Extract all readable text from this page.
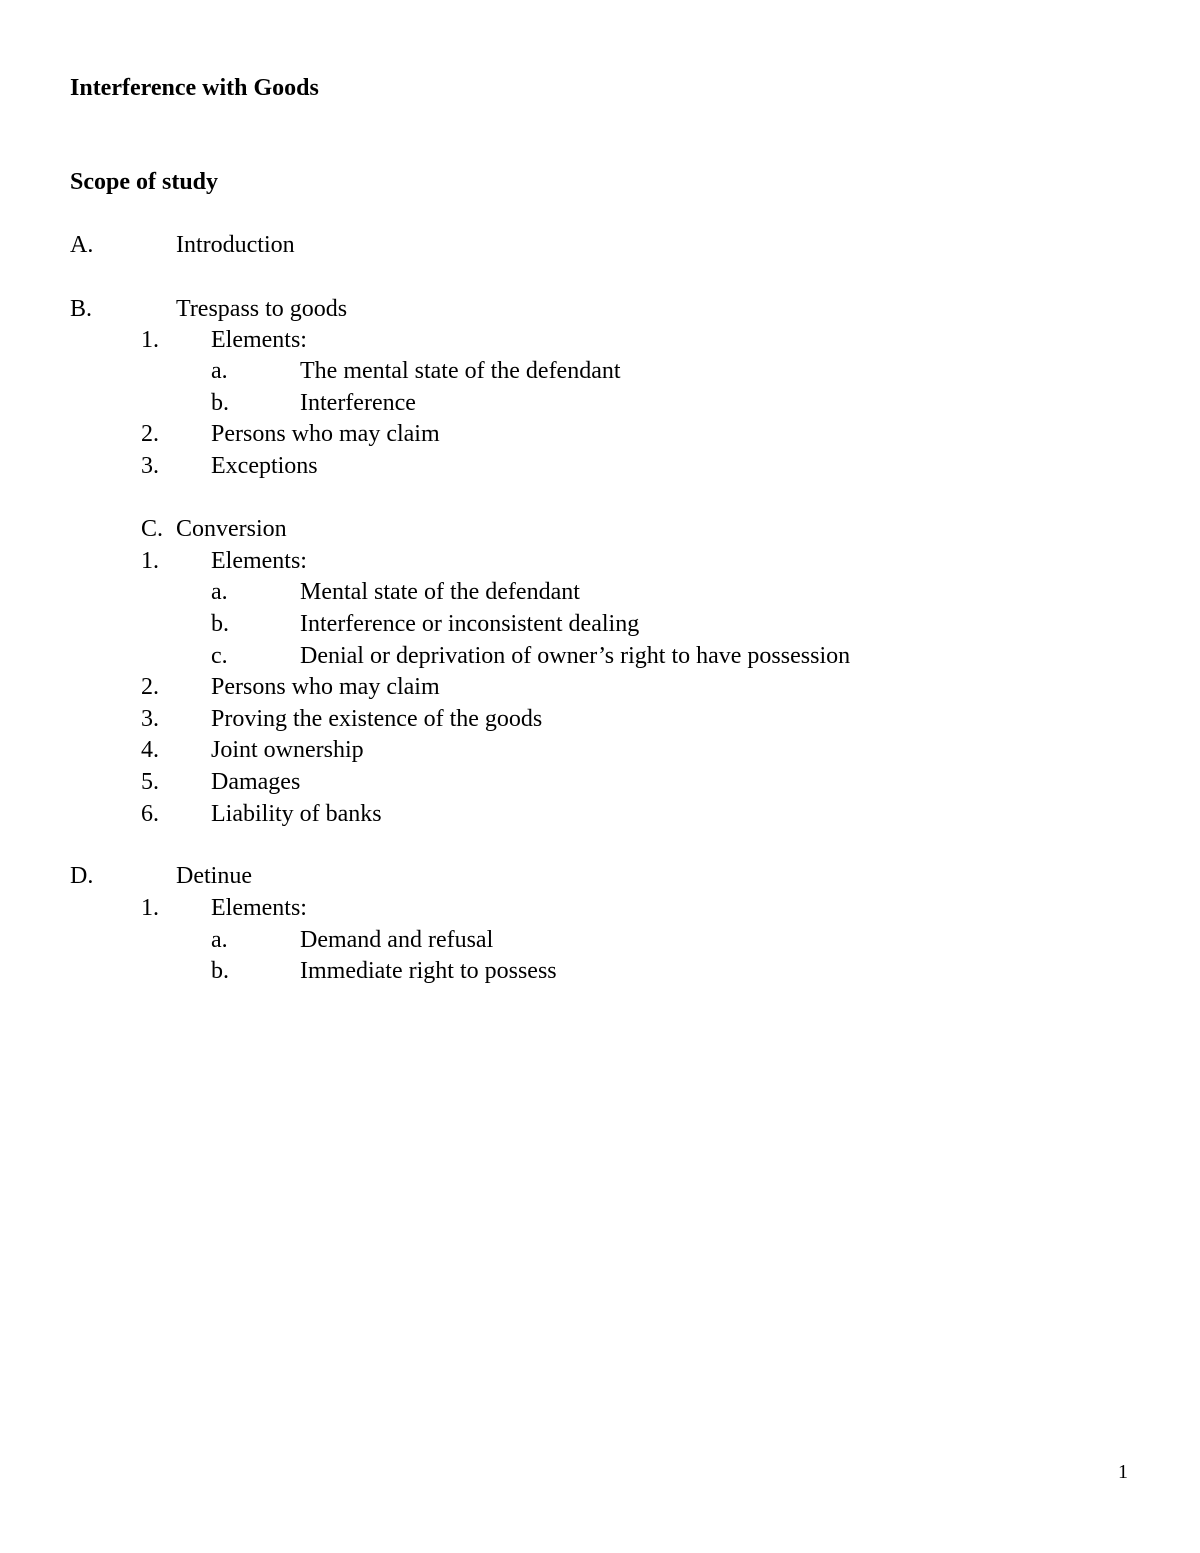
Interference with Goods
Scope of study
A.	Introduction
B.	Trespass to goods
1. Elements:
a.	The mental state of the defendant
b.	Interference
2. Persons who may claim
3. Exceptions
C. Conversion
1. Elements:
a.	Mental state of the defendant
b.	Interference or inconsistent dealing
c.	Denial or deprivation of owner’s right to have possession
2. Persons who may claim
3. Proving the existence of the goods
4. Joint ownership
5. Damages
6. Liability of banks
D.	Detinue
1. Elements:
a.	Demand and refusal
b.	Immediate right to possess
1
